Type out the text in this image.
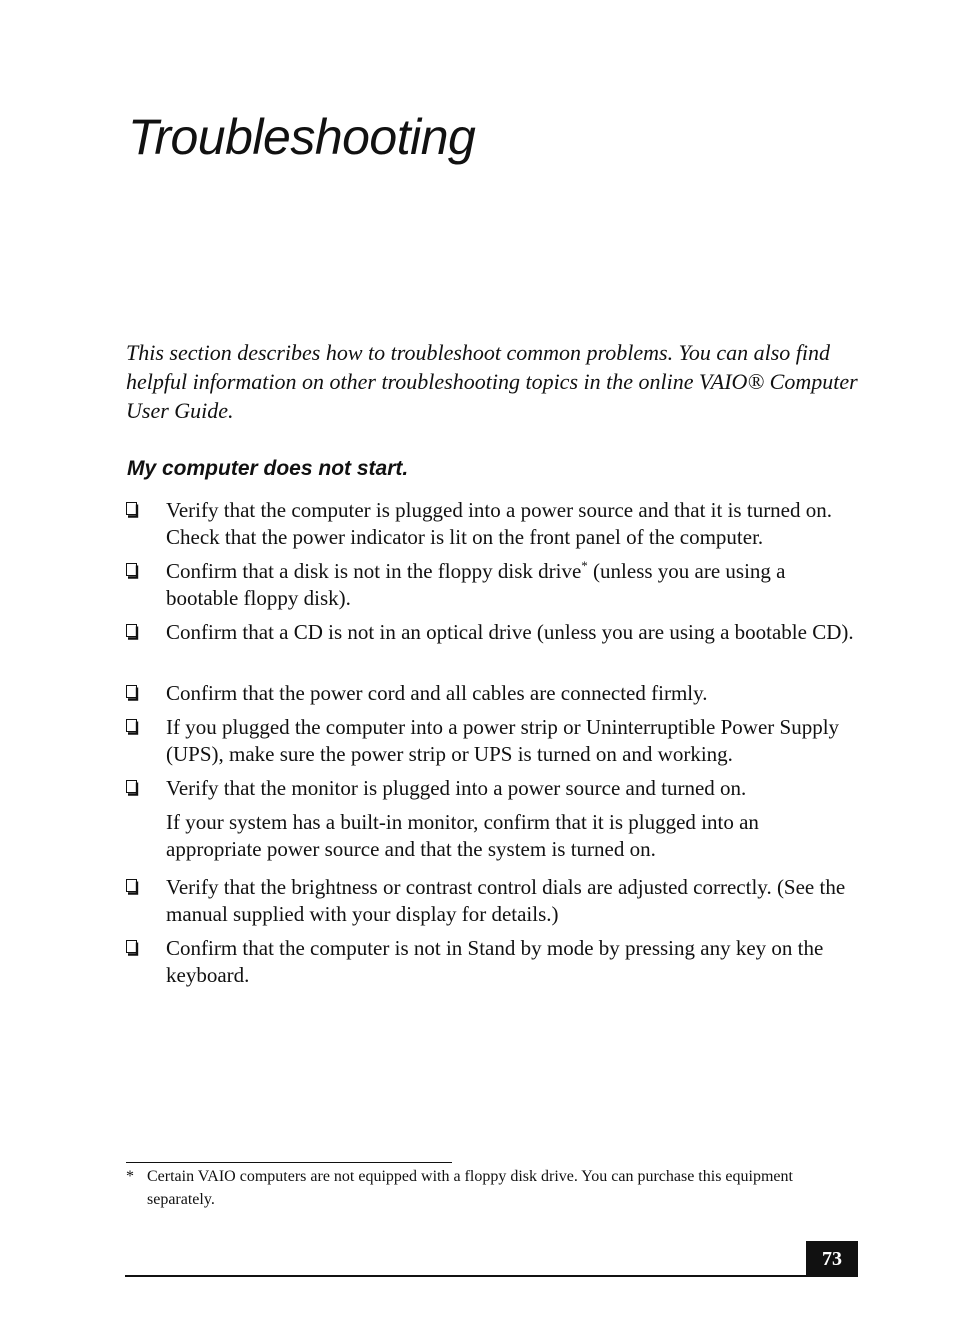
Troubleshooting

This section describes how to troubleshoot common problems. You can also find helpful information on other troubleshooting topics in the online VAIO® Computer User Guide.

My computer does not start.
Verify that the computer is plugged into a power source and that it is turned on. Check that the power indicator is lit on the front panel of the computer.
Confirm that a disk is not in the floppy disk drive* (unless you are using a bootable floppy disk).
Confirm that a CD is not in an optical drive (unless you are using a bootable CD).
Confirm that the power cord and all cables are connected firmly.
If you plugged the computer into a power strip or Uninterruptible Power Supply (UPS), make sure the power strip or UPS is turned on and working.
Verify that the monitor is plugged into a power source and turned on.
Verify that the brightness or contrast control dials are adjusted correctly. (See the manual supplied with your display for details.)
Confirm that the computer is not in Stand by mode by pressing any key on the keyboard.

If your system has a built-in monitor, confirm that it is plugged into an appropriate power source and that the system is turned on.

* Certain VAIO computers are not equipped with a floppy disk drive. You can purchase this equipment separately.
73
